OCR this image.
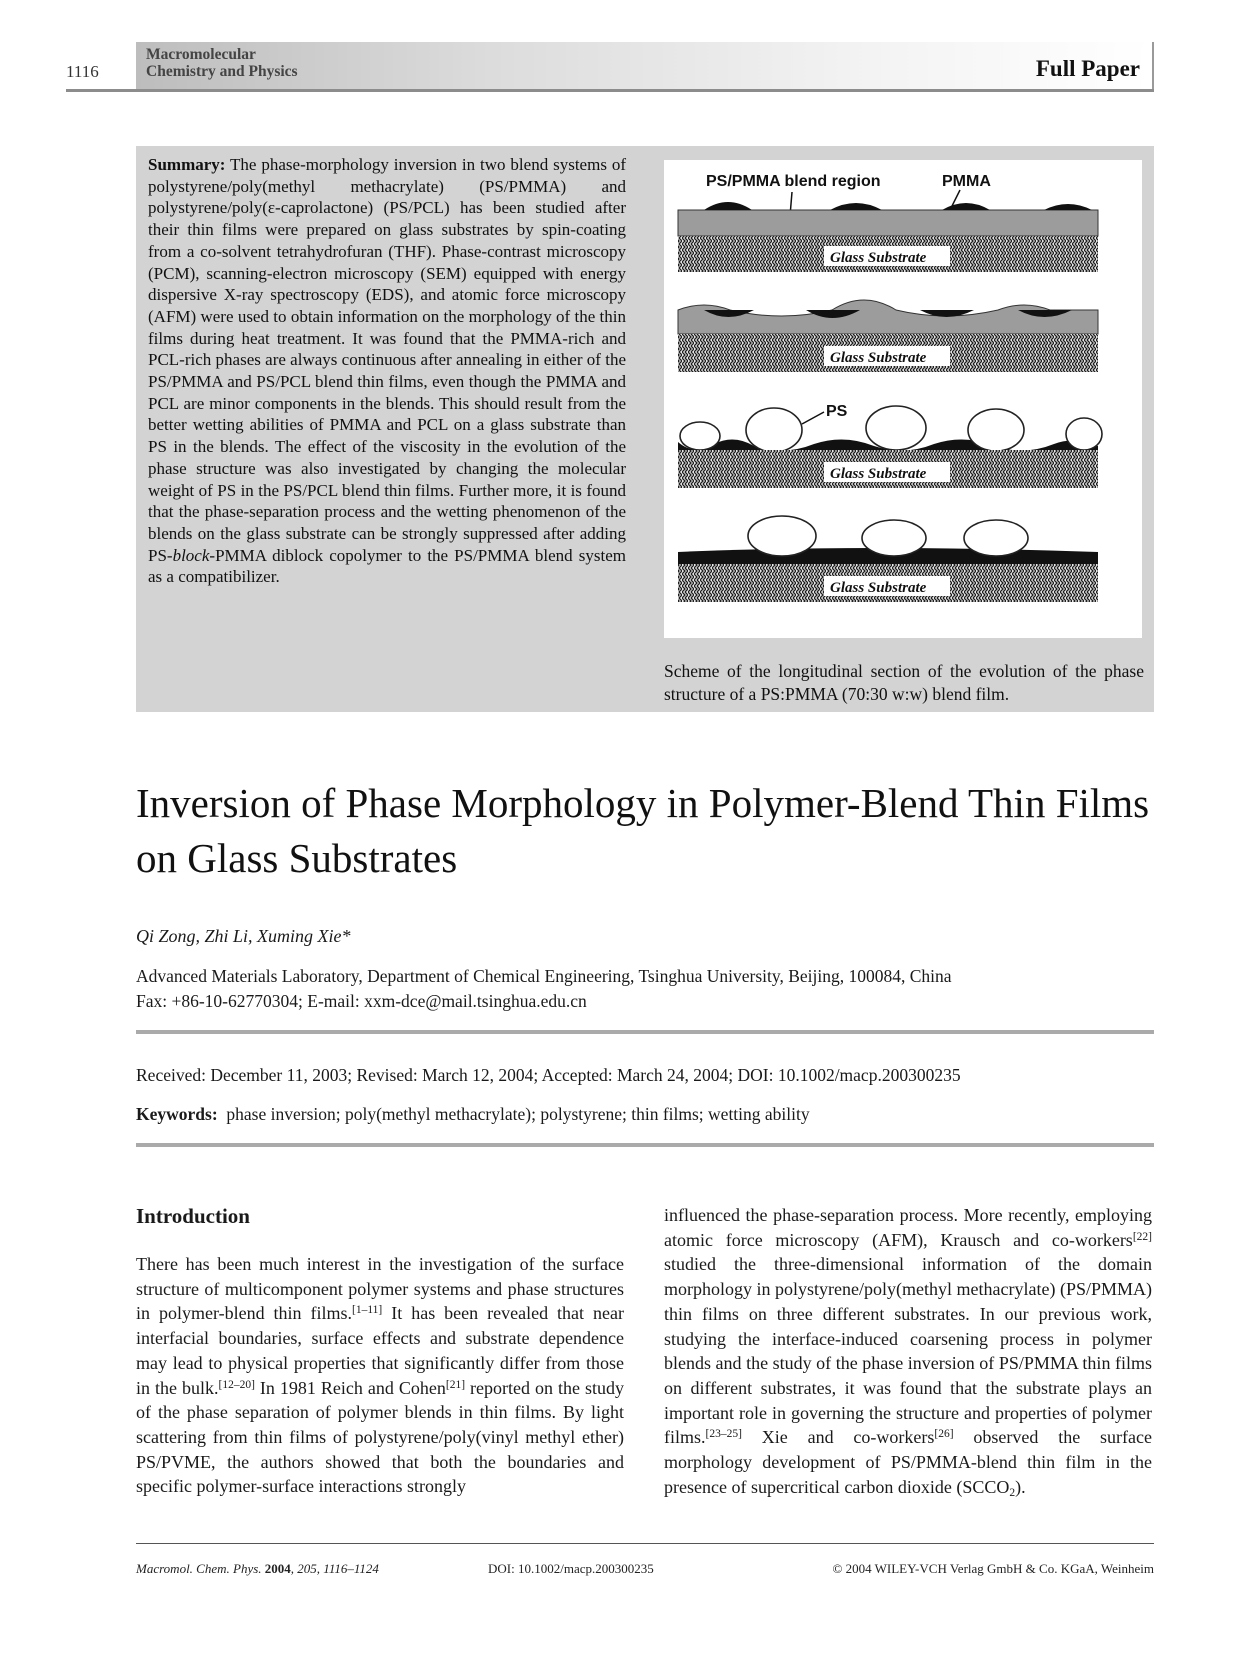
1116
Macromolecular
Chemistry and Physics	Full Paper
Summary: The phase-morphology inversion in two blend systems of polystyrene/poly(methyl methacrylate) (PS/PMMA) and polystyrene/poly(ε-caprolactone) (PS/PCL) has been studied after their thin films were prepared on glass substrates by spin-coating from a co-solvent tetrahydrofuran (THF). Phase-contrast microscopy (PCM), scanning-electron microscopy (SEM) equipped with energy dispersive X-ray spectroscopy (EDS), and atomic force microscopy (AFM) were used to obtain information on the morphology of the thin films during heat treatment. It was found that the PMMA-rich and PCL-rich phases are always continuous after annealing in either of the PS/PMMA and PS/PCL blend thin films, even though the PMMA and PCL are minor components in the blends. This should result from the better wetting abilities of PMMA and PCL on a glass substrate than PS in the blends. The effect of the viscosity in the evolution of the phase structure was also investigated by changing the molecular weight of PS in the PS/PCL blend thin films. Further more, it is found that the phase-separation process and the wetting phenomenon of the blends on the glass substrate can be strongly suppressed after adding PS-block-PMMA diblock copolymer to the PS/PMMA blend system as a compatibilizer.
PS/PMMA blend region	PMMA
Glass Substrate
Glass Substrate
PS
Glass Substrate
Glass Substrate
Scheme of the longitudinal section of the evolution of the phase structure of a PS:PMMA (70:30 w:w) blend film.
Inversion of Phase Morphology in Polymer-Blend Thin Films on Glass Substrates
Qi Zong, Zhi Li, Xuming Xie*
Advanced Materials Laboratory, Department of Chemical Engineering, Tsinghua University, Beijing, 100084, China
Fax: +86-10-62770304; E-mail: xxm-dce@mail.tsinghua.edu.cn
Received: December 11, 2003; Revised: March 12, 2004; Accepted: March 24, 2004; DOI: 10.1002/macp.200300235
Keywords: phase inversion; poly(methyl methacrylate); polystyrene; thin films; wetting ability
Introduction
There has been much interest in the investigation of the surface structure of multicomponent polymer systems and phase structures in polymer-blend thin films.[1–11] It has been revealed that near interfacial boundaries, surface effects and substrate dependence may lead to physical properties that significantly differ from those in the bulk.[12–20] In 1981 Reich and Cohen[21] reported on the study of the phase separation of polymer blends in thin films. By light scattering from thin films of polystyrene/poly(vinyl methyl ether) PS/PVME, the authors showed that both the boundaries and specific polymer-surface interactions strongly
influenced the phase-separation process. More recently, employing atomic force microscopy (AFM), Krausch and co-workers[22] studied the three-dimensional information of the domain morphology in polystyrene/poly(methyl methacrylate) (PS/PMMA) thin films on three different substrates. In our previous work, studying the interface-induced coarsening process in polymer blends and the study of the phase inversion of PS/PMMA thin films on different substrates, it was found that the substrate plays an important role in governing the structure and properties of polymer films.[23–25] Xie and co-workers[26] observed the surface morphology development of PS/PMMA-blend thin film in the presence of supercritical carbon dioxide $(SCCO_2)$.
Macromol. Chem. Phys. 2004, 205, 1116–1124	DOI: 10.1002/macp.200300235	© 2004 WILEY-VCH Verlag GmbH & Co. KGaA, Weinheim
